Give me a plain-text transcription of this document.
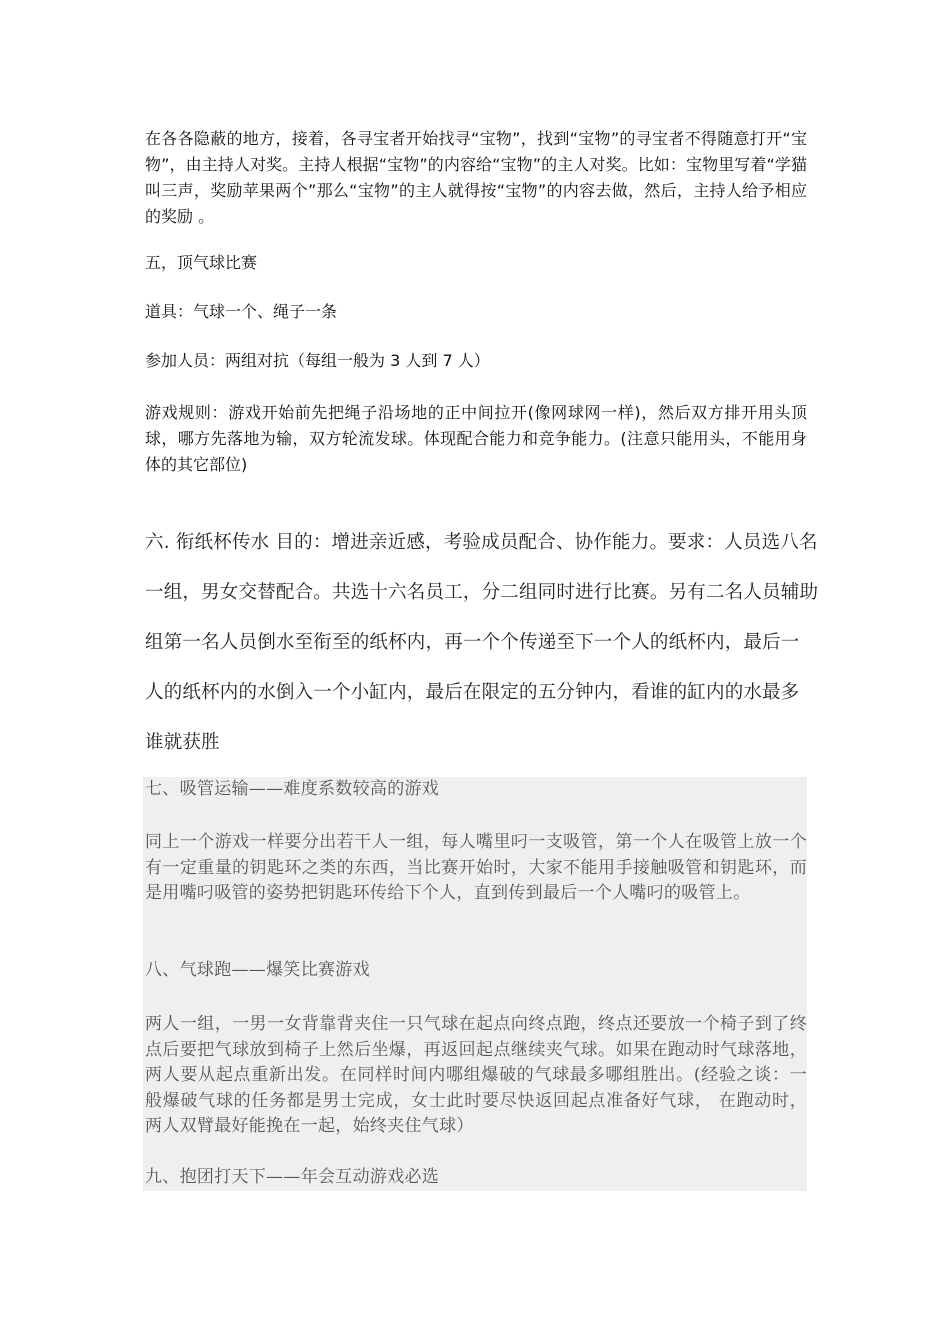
在各各隐蔽的地方，接着，各寻宝者开始找寻“宝物”，找到“宝物”的寻宝者不得随意打开“宝物”，由主持人对奖。主持人根据“宝物”的内容给“宝物”的主人对奖。比如：宝物里写着“学猫叫三声，奖励苹果两个”那么“宝物”的主人就得按“宝物”的内容去做，然后，主持人给予相应的奖励 。

五，顶气球比赛

道具：气球一个、绳子一条

参加人员：两组对抗（每组一般为 3 人到 7 人）

游戏规则：游戏开始前先把绳子沿场地的正中间拉开(像网球网一样)，然后双方排开用头顶球，哪方先落地为输，双方轮流发球。体现配合能力和竞争能力。(注意只能用头，不能用身体的其它部位)

六. 衔纸杯传水 目的：增进亲近感，考验成员配合、协作能力。要求：人员选八名
一组，男女交替配合。共选十六名员工，分二组同时进行比赛。另有二名人员辅助
组第一名人员倒水至衔至的纸杯内，再一个个传递至下一个人的纸杯内，最后一
人的纸杯内的水倒入一个小缸内，最后在限定的五分钟内，看谁的缸内的水最多
谁就获胜

七、吸管运输——难度系数较高的游戏

同上一个游戏一样要分出若干人一组，每人嘴里叼一支吸管，第一个人在吸管上放一个有一定重量的钥匙环之类的东西，当比赛开始时，大家不能用手接触吸管和钥匙环，而是用嘴叼吸管的姿势把钥匙环传给下个人，直到传到最后一个人嘴叼的吸管上。

八、气球跑——爆笑比赛游戏

两人一组，一男一女背靠背夹住一只气球在起点向终点跑，终点还要放一个椅子到了终点后要把气球放到椅子上然后坐爆，再返回起点继续夹气球。如果在跑动时气球落地，两人要从起点重新出发。在同样时间内哪组爆破的气球最多哪组胜出。(经验之谈：一般爆破气球的任务都是男士完成，女士此时要尽快返回起点准备好气球， 在跑动时，两人双臂最好能挽在一起，始终夹住气球）

九、抱团打天下——年会互动游戏必选
